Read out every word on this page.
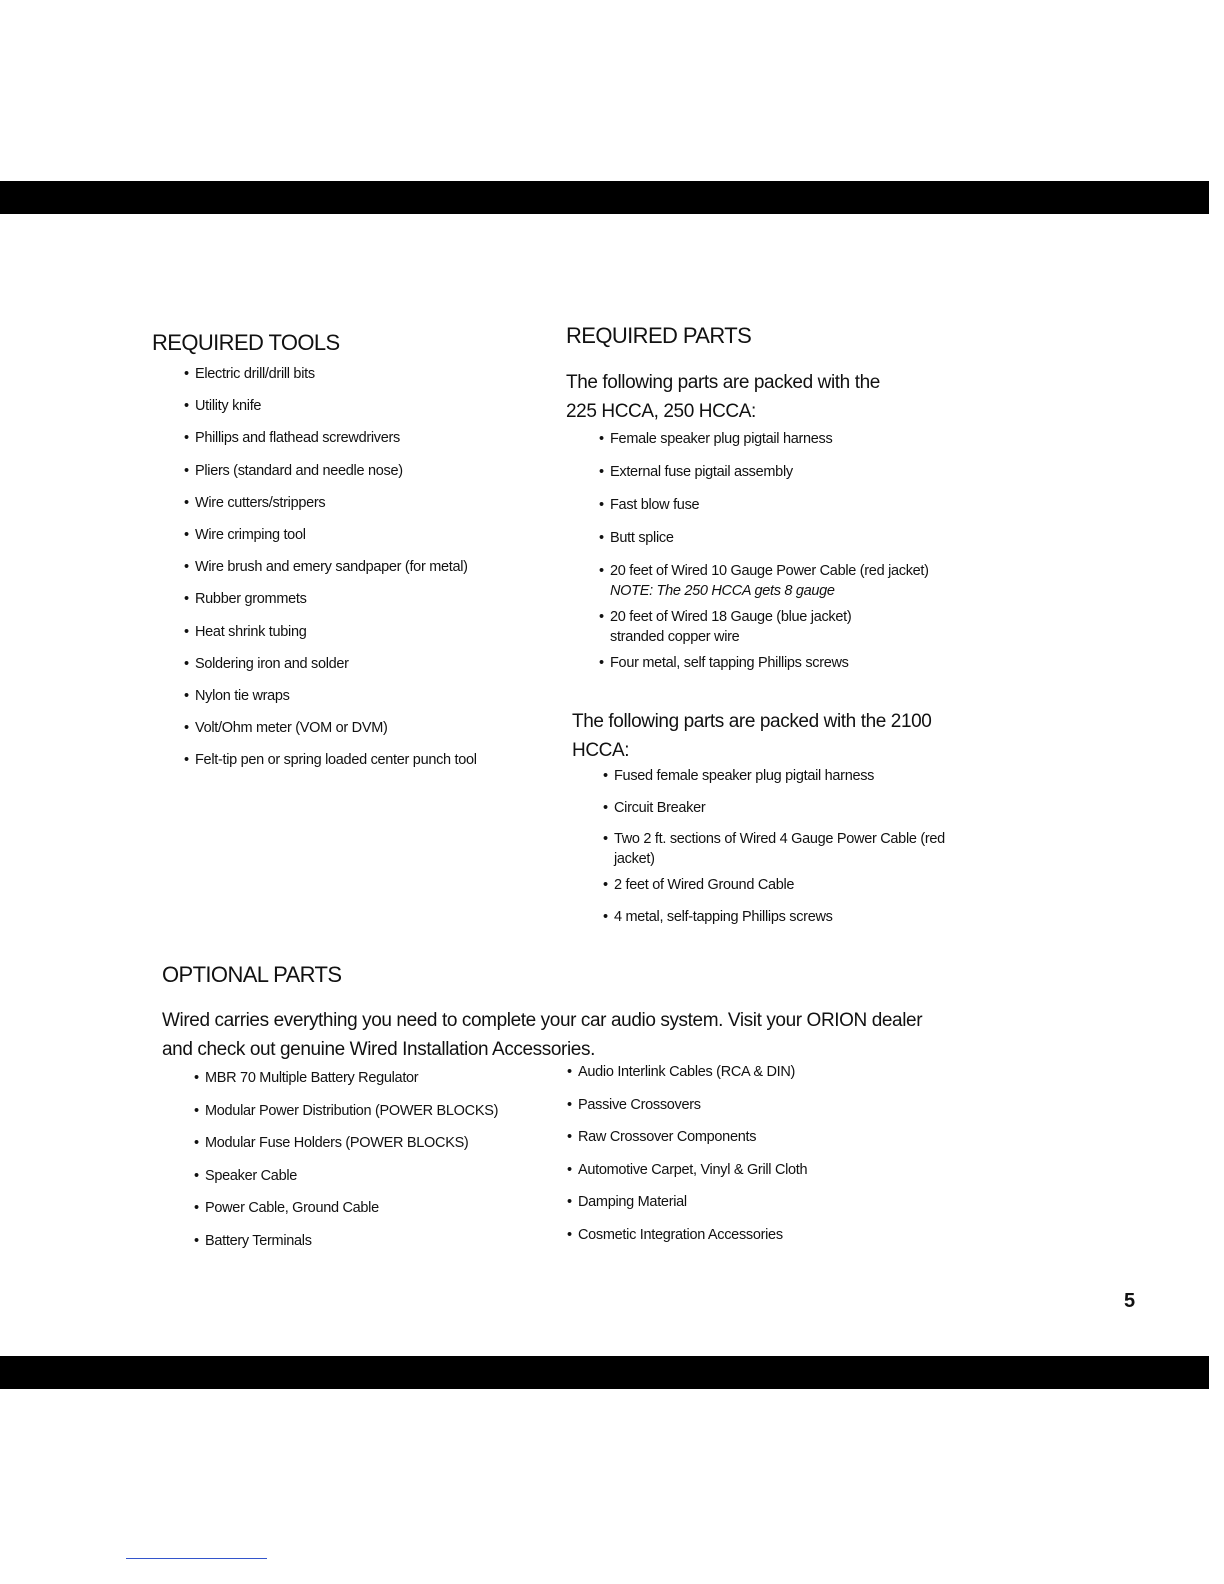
REQUIRED TOOLS
• Electric drill/drill bits
• Utility knife
• Phillips and flathead screwdrivers
• Pliers (standard and needle nose)
• Wire cutters/strippers
• Wire crimping tool
• Wire brush and emery sandpaper (for metal)
• Rubber grommets
• Heat shrink tubing
• Soldering iron and solder
• Nylon tie wraps
• Volt/Ohm meter (VOM or DVM)
• Felt-tip pen or spring loaded center punch tool
REQUIRED PARTS

The following parts are packed with the 225 HCCA, 250 HCCA:

• Female speaker plug pigtail harness
• External fuse pigtail assembly
• Fast blow fuse
• Butt splice
• 20 feet of Wired 10 Gauge Power Cable (red jacket)
NOTE: The 250 HCCA gets 8 gauge
• 20 feet of Wired 18 Gauge (blue jacket)
stranded copper wire
• Four metal, self tapping Phillips screws

The following parts are packed with the 2100 HCCA:

• Fused female speaker plug pigtail harness
• Circuit Breaker
• Two 2 ft. sections of Wired 4 Gauge Power Cable (red
jacket)
• 2 feet of Wired Ground Cable
• 4 metal, self-tapping Phillips screws
OPTIONAL PARTS

Wired carries everything you need to complete your car audio system. Visit your ORION dealer and check out genuine Wired Installation Accessories.

• MBR 70 Multiple Battery Regulator
• Modular Power Distribution (POWER BLOCKS)
• Modular Fuse Holders (POWER BLOCKS)
• Speaker Cable
• Power Cable, Ground Cable
• Battery Terminals
• Audio Interlink Cables (RCA & DIN)
• Passive Crossovers
• Raw Crossover Components
• Automotive Carpet, Vinyl & Grill Cloth
• Damping Material
• Cosmetic Integration Accessories

5
